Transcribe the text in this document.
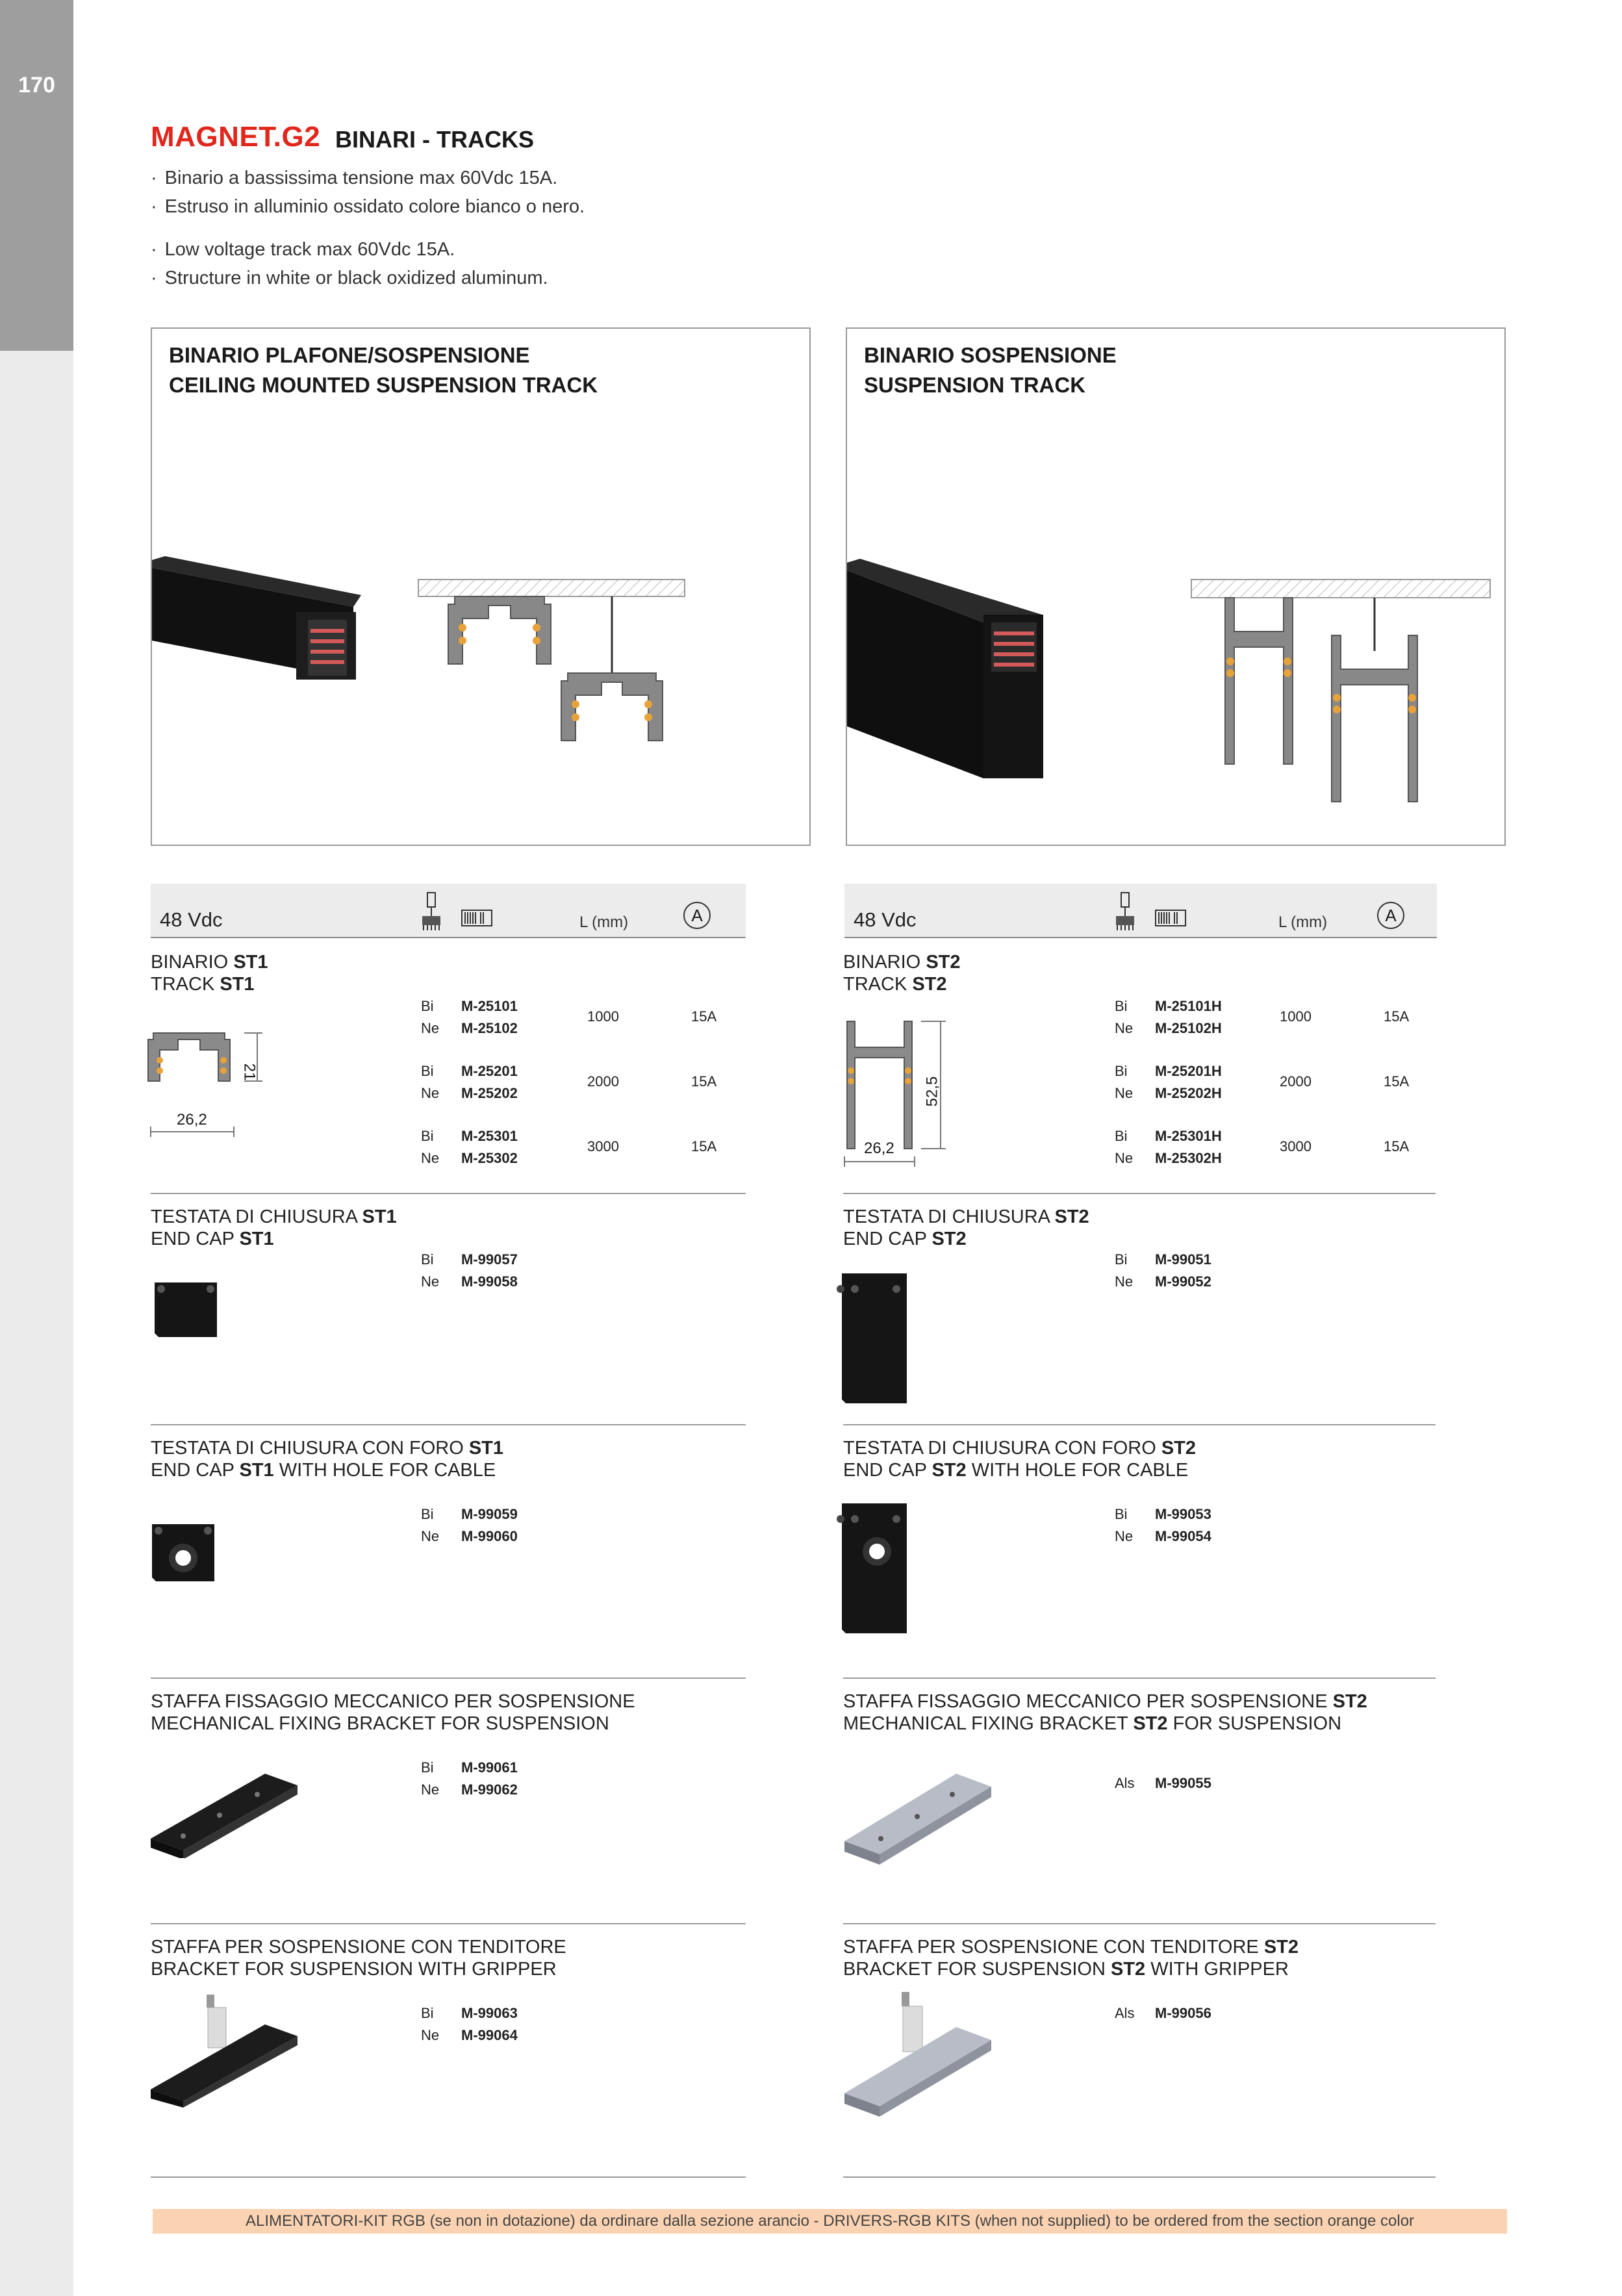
170
MAGNET.G2 BINARI - TRACKS
· Binario a bassissima tensione max 60Vdc 15A.
· Estruso in alluminio ossidato colore bianco o nero.
· Low voltage track max 60Vdc 15A.
· Structure in white or black oxidized aluminum.
BINARIO PLAFONE/SOSPENSIONE
CEILING MOUNTED SUSPENSION TRACK
BINARIO SOSPENSIONE
SUSPENSION TRACK
48 Vdc	L (mm)	A	48 Vdc	L (mm)	A
BINARIO ST1
TRACK ST1
26,2
21
Bi M-25101
Ne M-25102
1000	15A
Bi M-25201
Ne M-25202
2000	15A
Bi M-25301
Ne M-25302
3000	15A
TESTATA DI CHIUSURA ST1
END CAP ST1
Bi M-99057
Ne M-99058
TESTATA DI CHIUSURA CON FORO ST1
END CAP ST1 WITH HOLE FOR CABLE
Bi M-99059
Ne M-99060
STAFFA FISSAGGIO MECCANICO PER SOSPENSIONE
MECHANICAL FIXING BRACKET FOR SUSPENSION
Bi M-99061
Ne M-99062
STAFFA PER SOSPENSIONE CON TENDITORE
BRACKET FOR SUSPENSION WITH GRIPPER
Bi M-99063
Ne M-99064
BINARIO ST2
TRACK ST2
26,2
52,5
Bi M-25101H
Ne M-25102H
1000	15A
Bi M-25201H
Ne M-25202H
2000	15A
Bi M-25301H
Ne M-25302H
3000	15A
TESTATA DI CHIUSURA ST2
END CAP ST2
Bi M-99051
Ne M-99052
TESTATA DI CHIUSURA CON FORO ST2
END CAP ST2 WITH HOLE FOR CABLE
Bi M-99053
Ne M-99054
STAFFA FISSAGGIO MECCANICO PER SOSPENSIONE ST2
MECHANICAL FIXING BRACKET ST2 FOR SUSPENSION
Als M-99055
STAFFA PER SOSPENSIONE CON TENDITORE ST2
BRACKET FOR SUSPENSION ST2 WITH GRIPPER
Als M-99056
ALIMENTATORI-KIT RGB (se non in dotazione) da ordinare dalla sezione arancio - DRIVERS-RGB KITS (when not supplied) to be ordered from the section orange color
